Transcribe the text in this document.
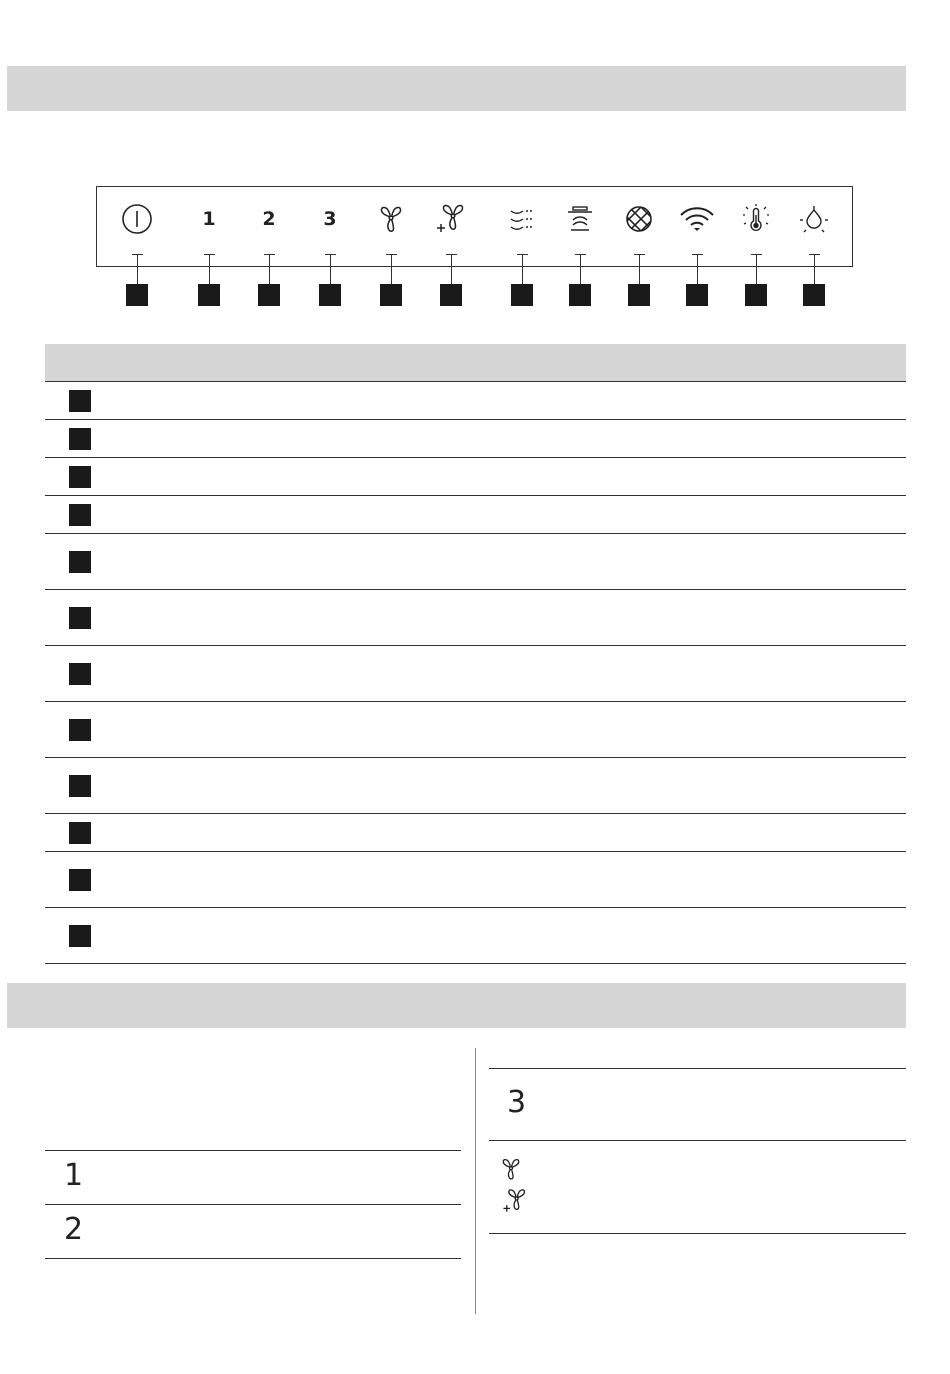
1 2	3
1
2
3
